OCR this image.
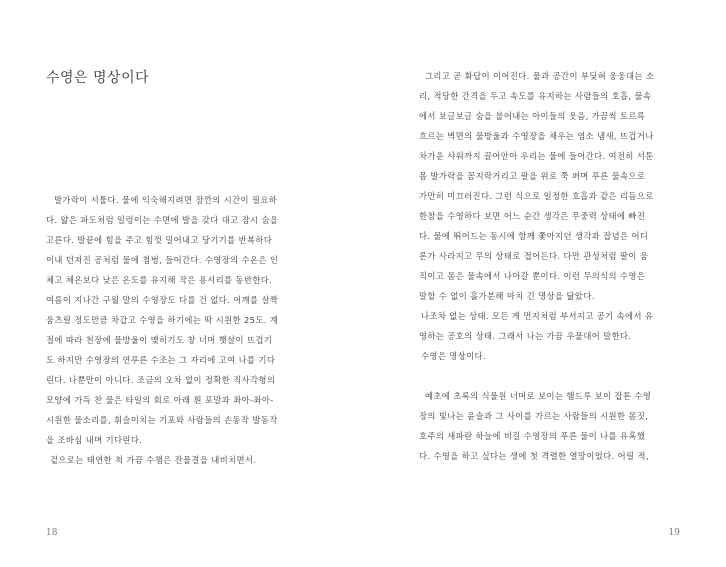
수영은 명상이다
발가락이 서툴다. 물에 익숙해지려면 잠깐의 시간이 필요하
다. 얇은 파도처럼 일렁이는 수면에 발을 갖다 대고 잠시 숨을
고른다. 발끝에 힘을 주고 힘껏 밀어내고 당기기를 반복하다
이내 던져진 공처럼 물에 첨벙, 들어간다. 수영장의 수온은 인
체고 체온보다 낮은 온도를 유지해 작은 용서리를 동반한다.
여름이 지나간 구월 말의 수영장도 다를 건 없다. 어깨를 살짝
움츠릴 정도만큼 차갑고 수영을 하기에는 딱 시원한 25도. 계
절에 따라 천장에 물방울이 맺히기도 창 너머 햇살이 뜨겁기
도 하지만 수영장의 연푸른 수조는 그 자리에 고여 나를 기다
린다. 나뿐만이 아니다. 조금의 오차 없이 정확한 직사각형의
모양에 가득 찬 물은 타일의 회로 아래 흰 포말과 촤아-촤아-
시원한 물소리를, 휘슬이치는 기포와 사람들의 손동작 발동작
을 조바심 내며 기다린다.
겉으로는 태연한 척 가끔 수챔은 잔물결을 내비치면서.
18
그리고 곧 화답이 이어진다. 물과 공간이 부딪혀 웅웅대는 소
리, 적당한 간격을 두고 속도를 유지하는 사람들의 호흡, 물속
에서 보글보글 숨을 불어내는 아이들의 웃음, 가끔씩 토르륵
흐르는 벽면의 물방울과 수영장을 채우는 염소 냄새, 뜨겁거나
차가운 샤워까지 끌어안아 우리는 물에 들어간다. 여전히 서툰
몸 발가락을 꼼지락거리고 팔을 위로 쭉 펴며 푸른 물속으로
가만히 미끄러진다. 그런 식으로 일정한 호흡과 같은 리듬으로
한참을 수영하다 보면 어느 순간 생각은 무중력 상태에 빠진
다. 물에 뛰어드는 동시에 함께 쫓아지던 생각과 잡념은 어디
론가 사라지고 무의 상태로 접어든다. 다만 관성처럼 팔이 움
직이고 몸은 물속에서 나아갈 뿐이다. 이런 무의식의 수영은
말할 수 없이 흘가분해 마치 긴 명상을 닮았다.
나조차 없는 상태. 모든 게 먼지처럼 부서지고 공기 속에서 유
영하는 공호의 상태. 그래서 나는 가끔 우물대어 말한다.
수영은 명상이다.
예초에 초록의 식물원 너머로 보이는 햄드루 보이 잡톤 수영
장의 빛나는 윤슬과 그 사이를 가르는 사람들의 시원한 몸짓,
호주의 새파란 하늘에 비길 수영장의 푸른 물이 나를 유혹했
다. 수영을 하고 싶다는 생에 첫 격렬한 열망이었다. 어릴 적,
19
